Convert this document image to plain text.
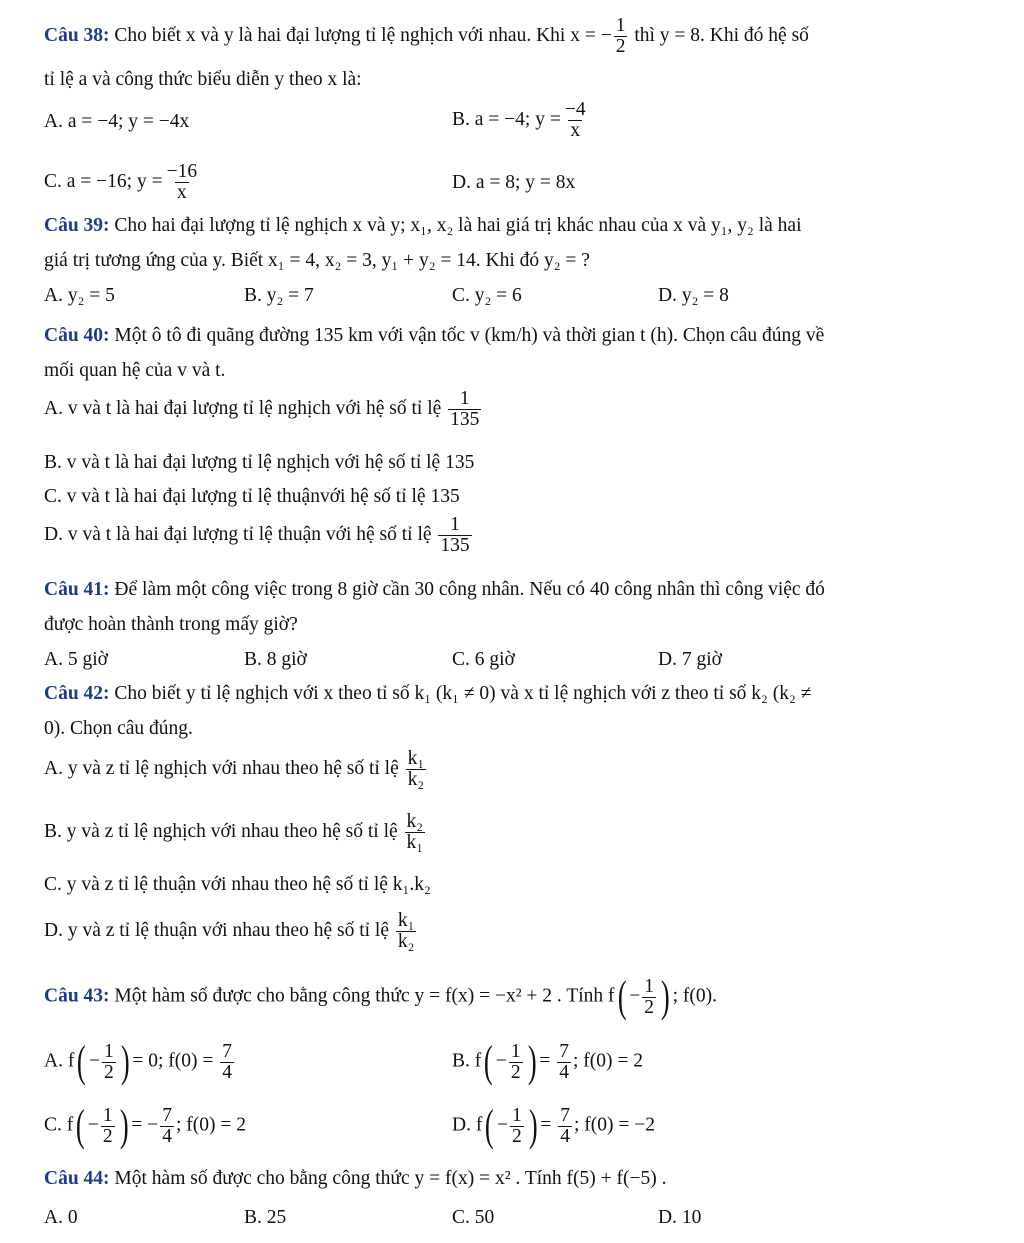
Câu 38: Cho biết x và y là hai đại lượng tỉ lệ nghịch với nhau. Khi x = − $\frac{1}{2}$ thì y = 8. Khi đó hệ số
tỉ lệ a và công thức biểu diễn y theo x là:
A. a = −4; y = −4x	B. a = −4; $y = \frac{-4}{x}$
C. a = −16; $y = \frac{-16}{x}$	D. a = 8; y = 8x
Câu 39: Cho hai đại lượng tỉ lệ nghịch x và y; x₁, x₂ là hai giá trị khác nhau của x và y₁, y₂ là hai
giá trị tương ứng của y. Biết x₁ = 4, x₂ = 3, y₁ + y₂ = 14. Khi đó y₂ = ?
A. y₂ = 5	B. y₂ = 7	C. y₂ = 6	D. y₂ = 8
Câu 40: Một ô tô đi quãng đường 135 km với vận tốc v (km/h) và thời gian t (h). Chọn câu đúng về
mối quan hệ của v và t.
A. v và t là hai đại lượng tỉ lệ nghịch với hệ số tỉ lệ $\frac{1}{135}$
B. v và t là hai đại lượng tỉ lệ nghịch với hệ số tỉ lệ 135
C. v và t là hai đại lượng tỉ lệ thuậnvới hệ số tỉ lệ 135
D. v và t là hai đại lượng tỉ lệ thuận với hệ số tỉ lệ $\frac{1}{135}$
Câu 41: Để làm một công việc trong 8 giờ cần 30 công nhân. Nếu có 40 công nhân thì công việc đó
được hoàn thành trong mấy giờ?
A. 5 giờ	B. 8 giờ	C. 6 giờ	D. 7 giờ
Câu 42: Cho biết y tỉ lệ nghịch với x theo tỉ số k₁ (k₁ ≠ 0) và x tỉ lệ nghịch với z theo tỉ số k₂ (k₂ ≠
0). Chọn câu đúng.
A. y và z tỉ lệ nghịch với nhau theo hệ số tỉ lệ $\frac{\text{k₁}}{\text{k₂}}$
B. y và z tỉ lệ nghịch với nhau theo hệ số tỉ lệ $\frac{\text{k₂}}{\text{k₁}}$
C. y và z tỉ lệ thuận với nhau theo hệ số tỉ lệ k₁.k₂
D. y và z tỉ lệ thuận với nhau theo hệ số tỉ lệ $\frac{\text{k₁}}{\text{k₂}}$
Câu 43: Một hàm số được cho bằng công thức y = f(x) = −x² + 2 . Tính $f( - \frac{1}{2}$ ) ; f(0).
A. $f( - \frac{1}{2}$ ) = 0; $f(0) = \frac{7}{4}$	B. $f( - \frac{1}{2}$ ) = $\frac{7}{4}$ ; f(0) = 2
C. $f( - \frac{1}{2}$ ) = − $\frac{7}{4}$ ; f(0) = 2	D. $f( - \frac{1}{2}$ ) = $\frac{7}{4}$ ; f(0) = −2
Câu 44: Một hàm số được cho bằng công thức y = f(x) = x² . Tính f(5) + f(−5) .
A. 0	B. 25	C. 50	D. 10
